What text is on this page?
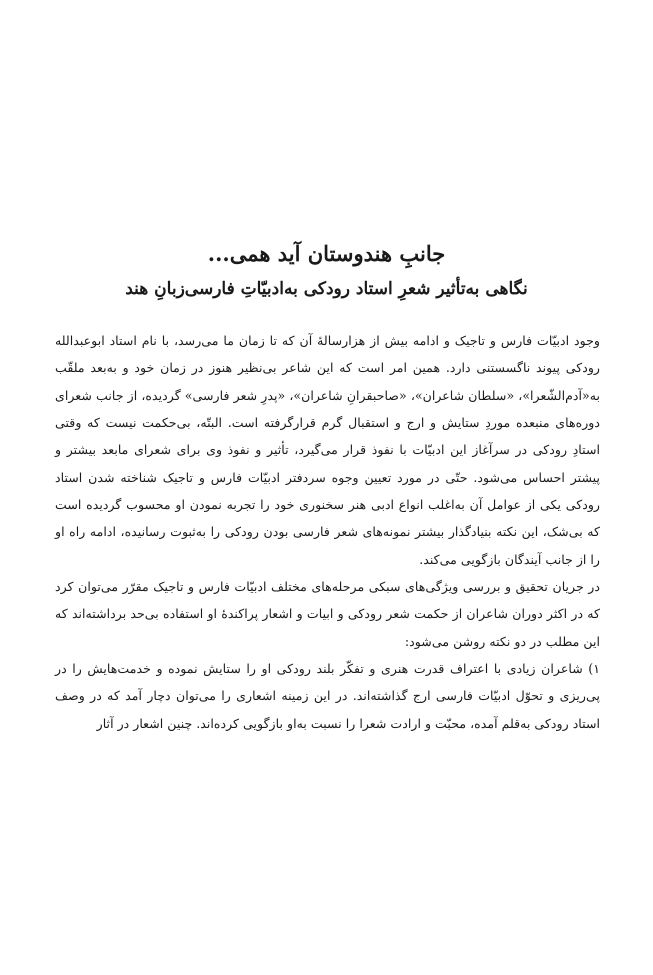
جانبِ هندوستان آید همی...
نگاهی به‌تأثیر شعرِ استاد رودکی به‌ادبیّاتِ فارسی‌زبانِ هند

وجود ادبیّات فارس و تاجیک و ادامه بیش از هزارسالهٔ آن که تا زمان ما می‌رسد، با نام استاد ابوعبدالله رودکی پیوند ناگسستنی دارد. همین امر است که این شاعر بی‌نظیر هنوز در زمان خود و به‌بعد ملقّب به«آدم‌الشّعرا»، «سلطان شاعران»، «صاحبقرانِ شاعران»، «پدرِ شعر فارسی» گردیده، از جانب شعرای دوره‌های منبعده موردِ ستایش و ارج و استقبال گرم قرارگرفته است. البتّه، بی‌حکمت نیست که وقتی استادِ رودکی در سرآغاز این ادبیّات با نفوذ قرار می‌گیرد، تأثیر و نفوذ وی برای شعرای مابعد بیشتر و پیشتر احساس می‌شود. حتّی در مورد تعیین وجوه سردفتر ادبیّات فارس و تاجیک شناخته شدن استاد رودکی یکی از عوامل آن به‌اغلب انواع ادبی هنر سخنوری خود را تجربه نمودن او محسوب گردیده است که بی‌شک، این نکته بنیادگذار بیشتر نمونه‌های شعر فارسی بودن رودکی را به‌ثبوت رسانیده، ادامه راه او را از جانب آیندگان بازگویی می‌کند.

در جریان تحقیق و بررسی ویژگی‌های سبکی مرحله‌های مختلف ادبیّات فارس و تاجیک مقرّر می‌توان کرد که در اکثر دوران شاعران از حکمت شعر رودکی و ابیات و اشعار پراکندهٔ او استفاده بی‌حد برداشته‌اند که این مطلب در دو نکته روشن می‌شود:

۱) شاعران زیادی با اعتراف قدرت هنری و تفکّر بلند رودکی او را ستایش نموده و خدمت‌هایش را در پی‌ریزی و تحوّل ادبیّات فارسی ارج گذاشته‌اند. در این زمینه اشعاری را می‌توان دچار آمد که در وصف استاد رودکی به‌قلم آمده، محبّت و ارادت شعرا را نسبت به‌او بازگویی کرده‌اند. چنین اشعار در آثار
